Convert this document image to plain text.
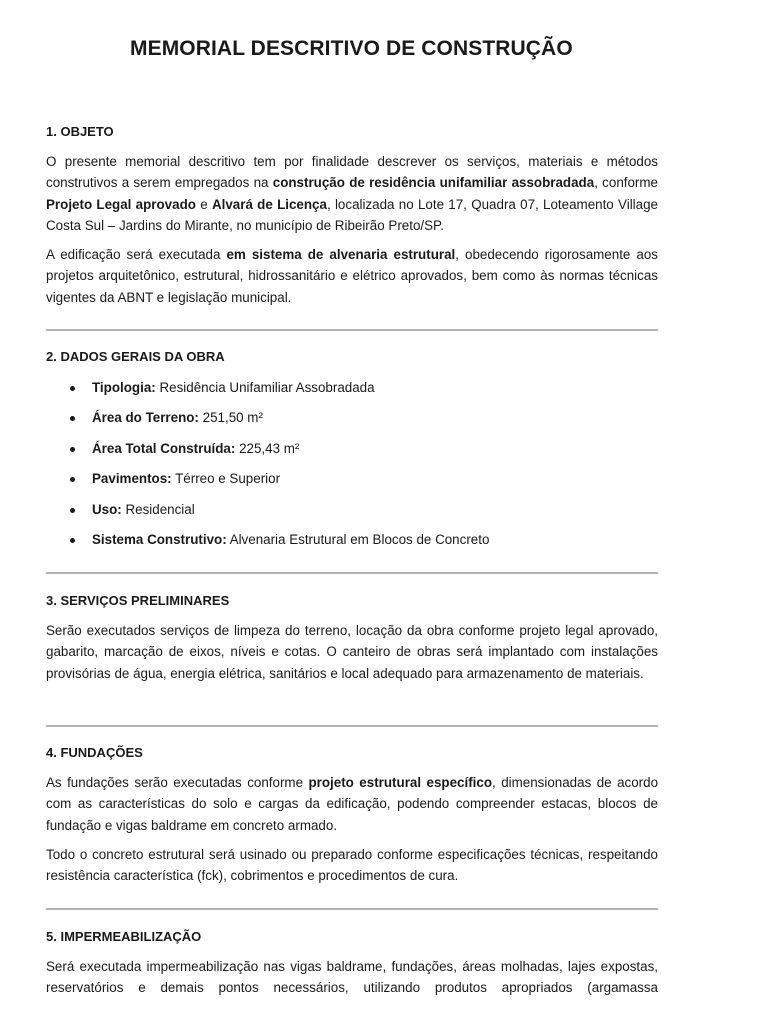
MEMORIAL DESCRITIVO DE CONSTRUÇÃO
1. OBJETO

O presente memorial descritivo tem por finalidade descrever os serviços, materiais e métodos construtivos a serem empregados na construção de residência unifamiliar assobradada, conforme Projeto Legal aprovado e Alvará de Licença, localizada no Lote 17, Quadra 07, Loteamento Village Costa Sul – Jardins do Mirante, no município de Ribeirão Preto/SP.

A edificação será executada em sistema de alvenaria estrutural, obedecendo rigorosamente aos projetos arquitetônico, estrutural, hidrossanitário e elétrico aprovados, bem como às normas técnicas vigentes da ABNT e legislação municipal.

2. DADOS GERAIS DA OBRA
Tipologia: Residência Unifamiliar Assobradada
Área do Terreno: 251,50 m²
Área Total Construída: 225,43 m²
Pavimentos: Térreo e Superior
Uso: Residencial
Sistema Construtivo: Alvenaria Estrutural em Blocos de Concreto
3. SERVIÇOS PRELIMINARES

Serão executados serviços de limpeza do terreno, locação da obra conforme projeto legal aprovado, gabarito, marcação de eixos, níveis e cotas. O canteiro de obras será implantado com instalações provisórias de água, energia elétrica, sanitários e local adequado para armazenamento de materiais.

4. FUNDAÇÕES

As fundações serão executadas conforme projeto estrutural específico, dimensionadas de acordo com as características do solo e cargas da edificação, podendo compreender estacas, blocos de fundação e vigas baldrame em concreto armado.

Todo o concreto estrutural será usinado ou preparado conforme especificações técnicas, respeitando resistência característica (fck), cobrimentos e procedimentos de cura.

5. IMPERMEABILIZAÇÃO

Será executada impermeabilização nas vigas baldrame, fundações, áreas molhadas, lajes expostas, reservatórios e demais pontos necessários, utilizando produtos apropriados (argamassa
